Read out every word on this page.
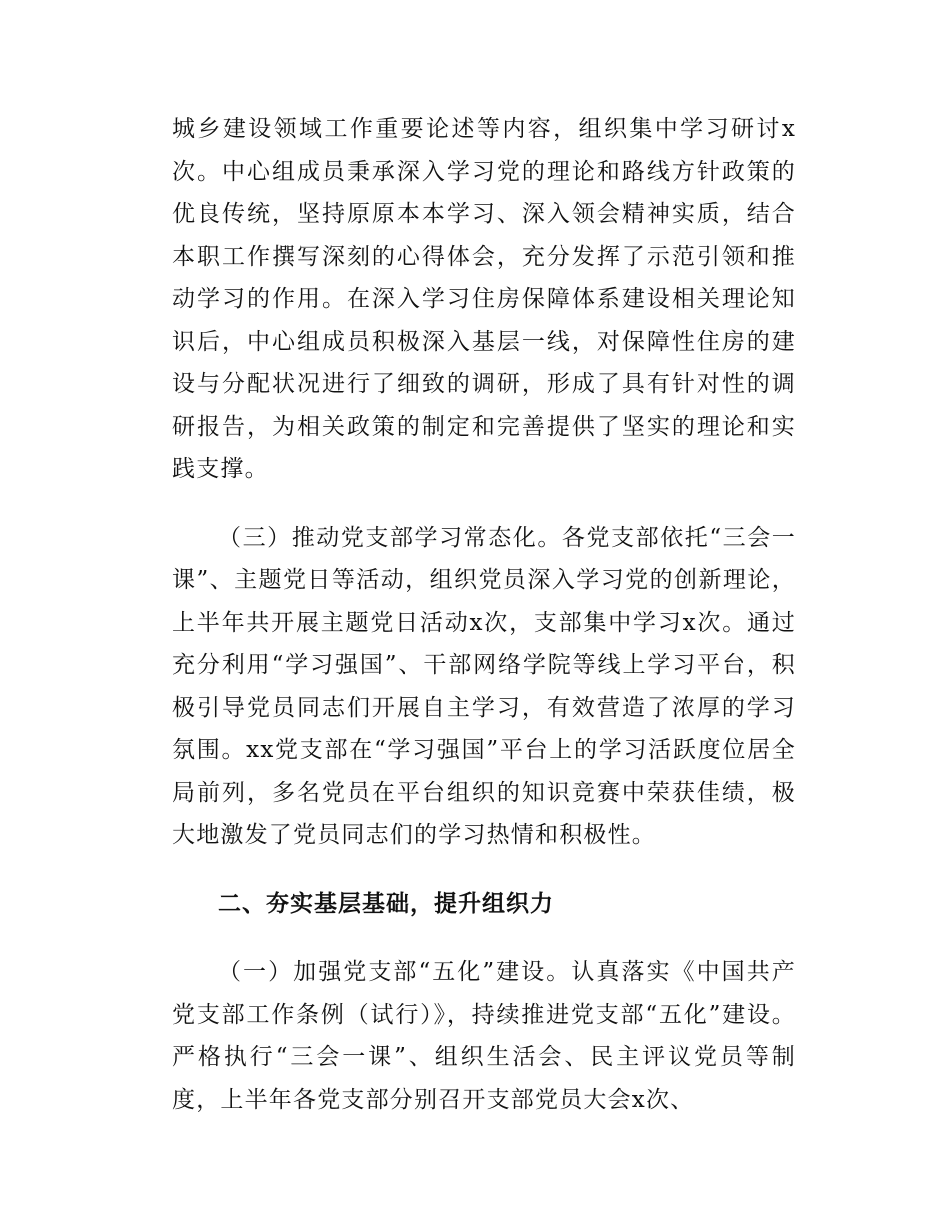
城乡建设领域工作重要论述等内容，组织集中学习研讨x次。中心组成员秉承深入学习党的理论和路线方针政策的优良传统，坚持原原本本学习、深入领会精神实质，结合本职工作撰写深刻的心得体会，充分发挥了示范引领和推动学习的作用。在深入学习住房保障体系建设相关理论知识后，中心组成员积极深入基层一线，对保障性住房的建设与分配状况进行了细致的调研，形成了具有针对性的调研报告，为相关政策的制定和完善提供了坚实的理论和实践支撑。

（三）推动党支部学习常态化。各党支部依托“三会一课”、主题党日等活动，组织党员深入学习党的创新理论，上半年共开展主题党日活动x次，支部集中学习x次。通过充分利用“学习强国”、干部网络学院等线上学习平台，积极引导党员同志们开展自主学习，有效营造了浓厚的学习氛围。xx党支部在“学习强国”平台上的学习活跃度位居全局前列，多名党员在平台组织的知识竞赛中荣获佳绩，极大地激发了党员同志们的学习热情和积极性。

二、夯实基层基础，提升组织力

（一）加强党支部“五化”建设。认真落实《中国共产党支部工作条例（试行）》，持续推进党支部“五化”建设。严格执行“三会一课”、组织生活会、民主评议党员等制度，上半年各党支部分别召开支部党员大会x次、
